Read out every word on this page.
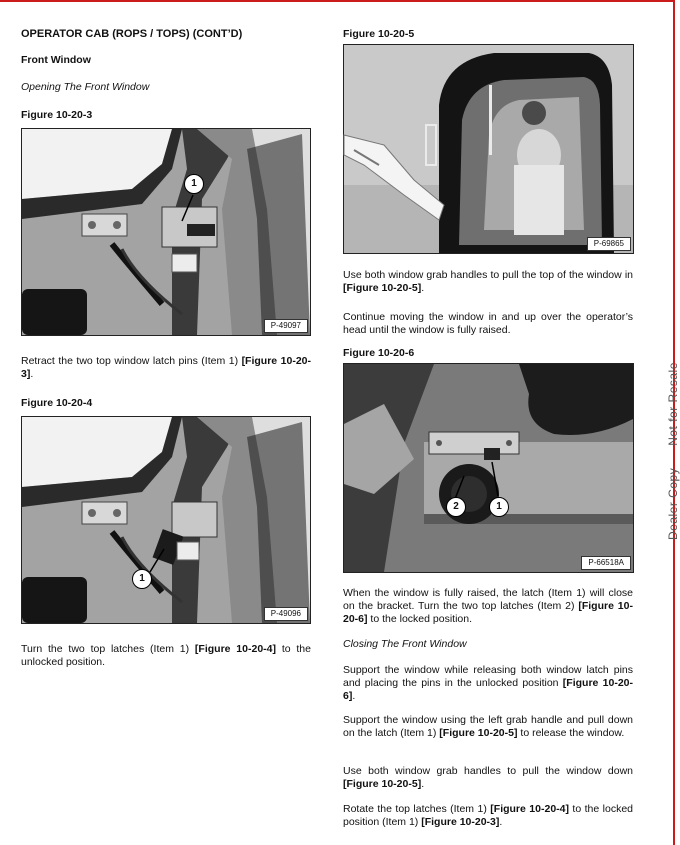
OPERATOR CAB (ROPS / TOPS) (CONT’D)
Front Window
Opening The Front Window
Figure 10-20-3
1
P-49097
Retract the two top window latch pins (Item 1) [Figure 10-20-3].
Figure 10-20-4
1
P-49096
Turn the two top latches (Item 1) [Figure 10-20-4] to the unlocked position.
Figure 10-20-5
P-69865
Use both window grab handles to pull the top of the window in [Figure 10-20-5].
Continue moving the window in and up over the operator’s head until the window is fully raised.
Figure 10-20-6
2	1
P-66518A
When the window is fully raised, the latch (Item 1) will close on the bracket. Turn the two top latches (Item 2) [Figure 10-20-6] to the locked position.
Closing The Front Window
Support the window while releasing both window latch pins and placing the pins in the unlocked position [Figure 10-20-6].
Support the window using the left grab handle and pull down on the latch (Item 1) [Figure 10-20-5] to release the window.
Use both window grab handles to pull the window down [Figure 10-20-5].
Rotate the top latches (Item 1) [Figure 10-20-4] to the locked position (Item 1) [Figure 10-20-3].
Dealer CopyNot for Resale
